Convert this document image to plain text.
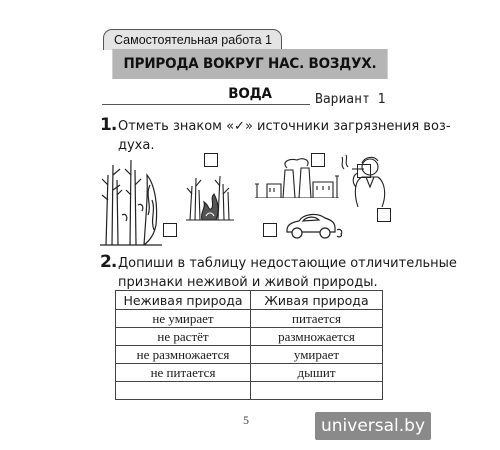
Самостоятельная работа 1
ПРИРОДА ВОКРУГ НАС. ВОЗДУХ. ВОДА	Вариант 1
1. Отметь знаком «✓» источники загрязнения воз-
духа.
2. Допиши в таблицу недостающие отличительные
признаки неживой и живой природы.
Неживая природа	Живая природа
не умирает	питается
не растёт	размножается
не размножается	умирает
не питается	дышит

5	universal.by
